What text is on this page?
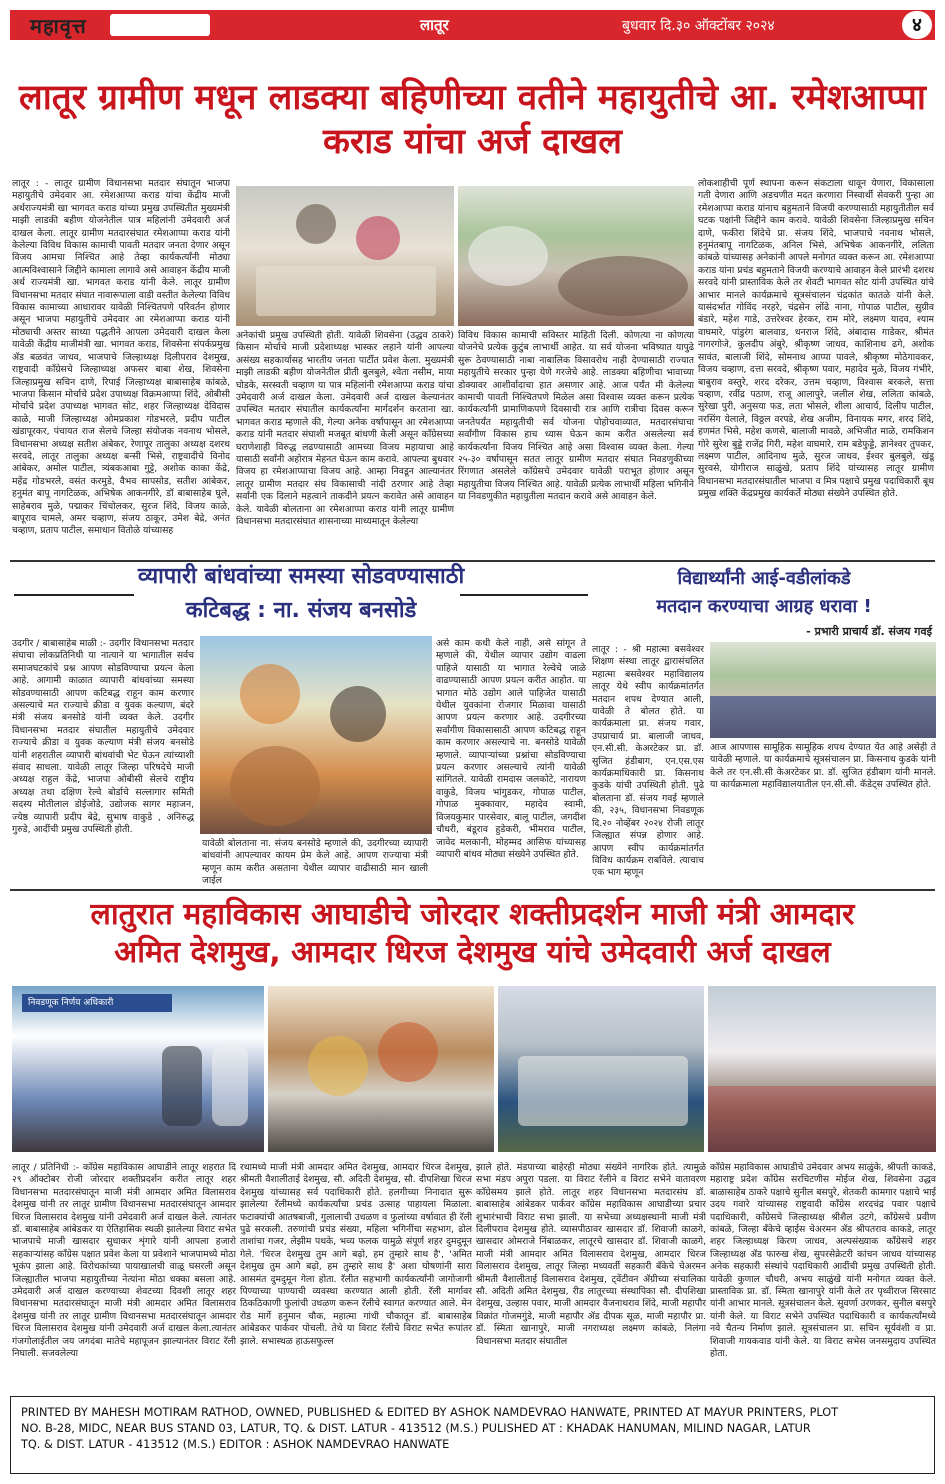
महावृत्त	लातूर	बुधवार दि.३० ऑक्टोंबर २०२४	४
लातूर ग्रामीण मधून लाडक्या बहिणीच्या वतीने महायुतीचे आ. रमेशआप्पा कराड यांचा अर्ज दाखल
लातूर : - लातूर ग्रामीण विधानसभा मतदार संघातून भाजपा महायुतीचे उमेदवार आ. रमेशआप्पा कराड यांचा केंद्रीय माजी अर्थराज्यमंत्री खा भागवत कराड यांच्या प्रमुख उपस्थितीत मुख्यमंत्री माझी लाडकी बहीण योजनेतील पात्र महिलांनी उमेदवारी अर्ज दाखल केला. लातूर ग्रामीण मतदारसंघात रमेशआप्पा कराड यांनी केलेल्या विविध विकास कामाची पावती मतदार जनता देणार असून विजय आमचा निश्चित आहे तेव्हा कार्यकर्त्यांनी मोठ्या आत्मविश्वासाने जिद्दीने कामाला लागावे असे आवाहन केंद्रीय माजी अर्थ राज्यमंत्री खा. भागवत कराड यांनी केले. लातूर ग्रामीण विधानसभा मतदार संघात नावारूपाला वाडी वस्तीत केलेल्या विविध विकास कामाच्या आधारावर यावेळी निश्चितपणे परिवर्तन होणार असून भाजपा महायुतीचे उमेदवार आ रमेशआप्पा कराड यांनी मोठ्याची अस्तर साध्या पद्धतीने आपला उमेदवारी दाखल केला यावेळी केंद्रीय माजीमंत्री खा. भागवत कराड, शिवसेना संपर्कप्रमुख ॲड बळवंत जाधव, भाजपाचे जिल्हाध्यक्ष दिलीपराव देशमुख, राष्ट्रवादी कॉंग्रेसचे जिल्हाध्यक्ष अफसर बाबा शेख, शिवसेना जिल्हाप्रमुख सचिन दाणे, रिपाई जिल्हाध्यक्ष बाबासाहेब कांबळे, भाजपा किसान मोर्चाचे प्रदेश उपाध्यक्ष विक्रमआप्पा शिंदे, ओबीसी मोर्चाचे प्रदेश उपाध्यक्ष भागवत सोट, शहर जिल्हाध्यक्ष देविदास काळे, माजी जिल्हाध्यक्ष ओमप्रकाश गोडभरले, प्रदीप पाटील खंडापूरकर, पंचायत राज सेलचे जिल्हा संयोजक नवनाथ भोसले, विधानसभा अध्यक्ष सतीश अंबेकर, रेणापूर तालुका अध्यक्ष दशरथ सरवदे, लातूर तालुका अध्यक्ष बन्सी भिसे, राष्ट्रवादीचे विनोद आंबेकर, अमोल पाटील, त्र्यंबकआबा गुट्टे, अशोक काका केंद्रे, महेंद्र गोडभरले, वसंत करमुडे, वैभव सापसोड, सतीश आंबेकर, हनुमंत बापू नागटिळक, अभिषेक आकनगीरे, डॉ बाबासाहेब घुले, साहेबराव मुळे, पद्माकर चिंचोलकर, सुरज शिंदे, विजय काळे, बापूराव चामले, अमर चव्हाण, संजय ठाकूर, उमेश बेद्रे, अनंत चव्हाण, प्रताप पाटील, समाधान वितोळे यांच्यासह
अनेकांची प्रमुख उपस्थिती होती. यावेळी शिवसेना (उद्धव ठाकरे) किसान मोर्चाचे माजी प्रदेशाध्यक्ष भास्कर लहाने यांनी आपल्या असंख्य सहकार्यासह भारतीय जनता पार्टीत प्रवेश केला. मुख्यमंत्री माझी लाडकी बहीण योजनेतील प्रीती बुलबुले, श्वेता नसीम, माया घोडके, सरस्वती चव्हाण या पात्र महिलांनी रमेशआप्पा कराड यांचा उमेदवारी अर्ज दाखल केला. उमेदवारी अर्ज दाखल केल्यानंतर उपस्थित मतदार संघातील कार्यकर्त्यांना मार्गदर्शन करताना खा. भागवत कराड म्हणाले की, गेल्या अनेक वर्षापासून आ रमेशआप्पा कराड यांनी मतदार संघाशी मजबूत बांधणी केली असून कॉंग्रेसच्या घराणेशाही विरुद्ध लढण्यासाठी आमच्या विजय महायाचा आहे यासाठी सर्वांनी अहोरात्र मेहनत घेऊन काम करावे. आपल्या बुधवार विजय हा रमेशआप्पाचा विजय आहे. आम्हा निवडून आल्यानंतर लातूर ग्रामीण मतदार संघ विकासाची नांदी ठरणार आहे तेव्हा सर्वांनी एक दिलाने महत्वाने ताकदीने प्रयत्न करावेत असे आवाहन केले. यावेळी बोलताना आ रमेशआप्पा कराड यांनी लातूर ग्रामीण विधानसभा मतदारसंघात शासनाच्या माध्यमातून केलेल्या
विविध विकास कामाची सविस्तर माहिती दिली. कोणत्या ना कोणत्या योजनेचे प्रत्येक कुटुंब लाभार्थी आहेत. या सर्व योजना भविष्यात यापुढे सुरू ठेवण्यासाठी नाबा नाबालिक विसावरोध नाही देण्यासाठी राज्यात महायुतीचे सरकार पुन्हा येणे गरजेचे आहे. लाडक्या बहिणीचा भावाच्या डोक्यावर आशीर्वादाचा हात असणार आहे. आज पर्यंत मी केलेल्या कामाची पावती निश्चितपणे मिळेल असा विश्वास व्यक्त करून प्रत्येक कार्यकर्त्यांनी प्रामाणिकपणे दिवसाची रात्र आणि रात्रीचा दिवस करून जनतेपर्यंत महायुतीची सर्व योजना पोहोचवाव्यात, मतदारसंघाचा सर्वांगीण विकास हाच ध्यास घेऊन काम करीत असलेल्या सर्व कार्यकर्त्यांना विजय निश्चित आहे असा विश्वास व्यक्त केला. गेल्या २५-३० वर्षापासून सतत लातूर ग्रामीण मतदार संघात निवडणुकीच्या रिंगणात असलेले काँग्रेसचे उमेदवार यावेळी पराभूत होणार असून महायुतीचा विजय निश्चित आहे. यावेळी प्रत्येक लाभार्थी महिला भगिनीने या निवडणुकीत महायुतीला मतदान करावे असे आवाहन केले.
लोकशाहीची पूर्ण स्थापना करून संकटाला धावून येणारा, विकासाला गती देणारा आणि अडचणीत मदत करणारा निस्वार्थी सेवकरी पुन्हा आ रमेशआप्पा कराड यांनाच बहुमताने विजयी करण्यासाठी महायुतीतील सर्व घटक पक्षांनी जिद्दीने काम करावे. यावेळी शिवसेना जिल्हाप्रमुख सचिन दाणे, फकीरा शिंदेचे प्रा. संजय शिंदे, भाजपाचे नवनाथ भोसले, हनुमंतबापू नागटिळक, अनिल भिसे, अभिषेक आकनगीरे, ललिता कांबळे यांच्यासह अनेकांनी आपले मनोगत व्यक्त करून आ. रमेशआप्पा कराड यांना प्रचंड बहुमताने विजयी करण्याचे आवाहन केले प्रारंभी दशरथ सरवदे यांनी प्रास्ताविक केले तर शेवटी भागवत सोट यांनी उपस्थित यांचे आभार मानले कार्यक्रमाचे सूत्रसंचालन चंद्रकांत कातळे यांनी केले. यासंदर्भात गोविंद नरहरे, चंद्रसेन लोंढे नाना, गोपाळ पाटील, सुग्रीव बंडारे, महेश गाडे, उत्तरेश्वर हेरकर, राम मोरे, लक्ष्मण यादव, श्याम वाघमारे, पांडुरंग बालवाड, धनराज शिंदे, अंबादास गाडेकर, श्रीमंत नागरगोजे, कुलदीप अंबुरे, श्रीकृष्ण जाधव, काशिनाथ ढगे, अशोक सावंत, बालाजी शिंदे, सोमनाथ आप्पा पावले, श्रीकृष्ण मोठेगावकर, विजय चव्हाण, दत्ता सरवदे, श्रीकृष्ण पवार, महादेव मुळे, विजय गंभीरे, बाबुराव वस्तुरे, शरद दरेकर, उत्तम चव्हाण, विश्वास बरकले, सत्ता चव्हाण, रवींद्र पठाण, राजू आलापुरे, जलील शेख, ललिता कांबळे, सुरेखा पुरी, अनुसया फड, लता भोसले, शीला आचार्य, दिलीप पाटील, नरसिंग येलाले, विठ्ठल वरपडे, शेख अजीम, विनायक मगर, शरद शिंदे, हणमंत भिसे, महेश कणसे, बालाजी मावळे, अभिजीत माळे, रामकिशन गोरे सुरेश बुड्डे राजेंद्र गिरी, महेश वाघमारे, राम बडेफुड्डे, ज्ञानेश्वर तुपकर, लक्ष्मण पाटील, आदिनाथ मुळे, सुरज जाधव, ईश्वर बुलबुले, खंडू सुरवसे, योगीराज साळुंखे, प्रताप शिंदे यांच्यासह लातूर ग्रामीण विधानसभा मतदारसंघातील भाजपा व मित्र पक्षाचे प्रमुख पदाधिकारी बूथ प्रमुख शक्ति केंद्रप्रमुख कार्यकर्ते मोठ्या संख्येने उपस्थित होते.
व्यापारी बांधवांच्या समस्या सोडवण्यासाठी
कटिबद्ध : ना. संजय बनसोडे
उदगीर / बाबासाहेब माळी :- उदगीर विधानसभा मतदार संघाचा लोकप्रतिनिधी या नात्याने या भागातील सर्वच समाजघटकांचे प्रश्न आपण सोडविण्याचा प्रयत्न केला आहे. आगामी काळात व्यापारी बांधवांच्या समस्या सोडवण्यासाठी आपण कटिबद्ध राहून काम करणार असल्याचे मत राज्याचे क्रीडा व युवक कल्याण, बंदरे मंत्री संजय बनसोडे यांनी व्यक्त केले. उदगीर विधानसभा मतदार संघातील महायुतीचे उमेदवार राज्याचे क्रीडा व युवक कल्याण मंत्री संजय बनसोडे यांनी शहरातील व्यापारी बांधवांची भेट घेऊन त्यांच्याशी संवाद साधला. यावेळी लातूर जिल्हा परिषदेचे माजी अध्यक्ष राहुल केंद्रे, भाजपा ओबीसी सेलचे राष्ट्रीय अध्यक्ष तथा दक्षिण रेल्वे बोर्डाचे सल्लागार समिती सदस्य मोतीलाल डोईजोडे, उद्योजक सागर महाजन, ज्येष्ठ व्यापारी प्रदीप बेद्रे, सुभाष वाकुडे , अनिरुद्ध गुरुडे, आदींची प्रमुख उपस्थिती होती.
यावेळी बोलताना ना. संजय बनसोडे म्हणाले की, उदगीरच्या व्यापारी बांधवांनी आपल्यावर कायम प्रेम केले आहे. आपण राज्याचा मंत्री म्हणून काम करीत असताना येथील व्यापार वाढीसाठी मान खाली जाईल
असे काम कधी केले नाही, असे सांगून ते म्हणाले की, येथील व्यापार उद्योग वाढला पाहिजे यासाठी या भागात रेल्वेचे जाळे वाढण्यासाठी आपण प्रयत्न करीत आहोत. या भागात मोठे उद्योग आले पाहिजेत यासाठी येथील युवकांना रोजगार मिळावा यासाठी आपण प्रयत्न करणार आहे. उदगीरच्या सर्वांगीण विकासासाठी आपण कटिबद्ध राहून काम करणार असल्याचे ना. बनसोडे यावेळी म्हणाले. व्यापाऱ्यांच्या प्रश्नांचा सोडविण्याचा प्रयत्न करणार असल्याचे त्यांनी यावेळी सांगितले. यावेळी रामदास जलकोटे, नारायण वाकुडे, विजय भांगुडकर, गोपाळ पाटील, गोपाळ मुक्कावार, महादेव स्वामी, विजयकुमार पारसेवार, बालू पाटील, जगदीश चौधरी, बंडूराव हुडेकरी, भीमराव पाटील, जावेद मलकानी, मोहम्मद आसिफ यांच्यासह व्यापारी बांधव मोठ्या संख्येने उपस्थित होते.
विद्यार्थ्यांनी आई-वडीलांकडे
मतदान करण्याचा आग्रह धरावा !
- प्रभारी प्राचार्य डॉ. संजय गवई
लातूर : - श्री महात्मा बसवेश्वर शिक्षण संस्था लातूर द्वारासंचलित महात्मा बसवेश्वर महाविद्यालय लातूर येथे स्वीप कार्यक्रमांतर्गत मतदान शपथ देण्यात आली, यावेळी ते बोलत होते. या कार्यक्रमाला प्रा. संजय गवार, उपप्राचार्य प्रा. बालाजी जाधव, एन.सी.सी. केअरटेकर प्रा. डॉ. सुजित हंडीबाग, एन.एस.एस कार्यक्रमाधिकारी प्रा. किसनाथ कुडके यांची उपस्थिती होती. पुढे बोलताना डॉ. संजय गवई म्हणाले की, २३५, विधानसभा निवडणूक दि.२० नोव्हेंबर २०२४ रोजी लातूर जिल्ह्यात संपन्न होणार आहे. आपण स्वीप कार्यक्रमांतर्गत विविध कार्यक्रम राबविले. त्याचाच एक भाग म्हणून
आज आपणास सामूहिक सामूहिक शपथ देण्यात येत आहे असेही ते यावेळी म्हणाले. या कार्यक्रमाचे सूत्रसंचालन प्रा. किसनाथ कुडके यांनी केले तर एन.सी.सी केअरटेकर प्रा. डॉ. सुजित हंडीबाग यांनी मानले. या कार्यक्रमाला महाविद्यालयातील एन.सी.सी. कॅडेट्स उपस्थित होते.
लातुरात महाविकास आघाडीचे जोरदार शक्तीप्रदर्शन माजी मंत्री आमदार
अमित देशमुख, आमदार धिरज देशमुख यांचे उमेदवारी अर्ज दाखल
निवडणूक निर्णय अधिकारी
लातूर / प्रतिनिधी :- कॉंग्रेस महाविकास आघाडीने लातूर शहरात दि २९ ऑक्टोबर रोजी जोरदार शक्तीप्रदर्शन करीत लातूर शहर विधानसभा मतदारसंघातून माजी मंत्री आमदार अमित विलासराव देशमुख यांनी तर लातूर ग्रामीण विधानसभा मतदारसंघातून आमदार धिरज विलासराव देशमुख यांनी उमेदवारी अर्ज दाखल केले. त्यानंतर डॉ. बाबासाहेब आंबेडकर या ऐतिहासिक स्थळी झालेल्या विराट सभेत भाजपाचे माजी खासदार सुधाकर शृंगारे यांनी आपला हजारो सहकाऱ्यांसह कॉंग्रेस पक्षात प्रवेश केला या प्रवेशाने भाजपामध्ये मोठा भूकंप झाला आहे. विरोधकांच्या पायाखालची वाळू घसरली असून जिल्ह्यातील भाजपा महायुतीच्या नेत्यांना मोठा धक्का बसला आहे. उमेदवारी अर्ज दाखल करण्याच्या शेवटच्या दिवशी लातूर शहर विधानसभा मतदारसंघातून माजी मंत्री आमदार अमित विलासराव देशमुख यांनी तर लातूर ग्रामीण विधानसभा मतदारसंघातून आमदार धिरज विलासराव देशमुख यांनी उमेदवारी अर्ज दाखल केला.त्यानंतर गंजगोलाईतील जय जगदंबा मातेचे महापूजन झाल्यानंतर विराट रॅली निघाली. सजवलेल्या
रथामध्ये माजी मंत्री आमदार अमित देशमुख, आमदार धिरज देशमुख, श्रीमती वैशालीताई देशमुख, सौ. अदिती देशमुख, सौ. दीपशिखा धिरज देशमुख यांच्यासह सर्व पदाधिकारी होते. हलगीच्या निनादात सुरू झालेल्या रॅलीमध्ये कार्यकर्त्यांचा प्रचंड उत्साह पाहायला मिळाला. फटाक्यांची आतषबाजी, गुलालाची उधळण व फुलांच्या वर्षावात ही रॅली पुढे सरकली. तरुणांची प्रचंड संख्या, महिला भगिनींचा सहभाग, ढोल ताशांचा गजर, लेझीम पथके, भव्य फलक यामुळे संपूर्ण शहर दुमदुमून गेले. 'धिरज देशमुख तुम आगे बढ़ो, हम तुम्हारे साथ है', 'अमित देशमुख तुम आगे बढ़ो, हम तुम्हारे साथ है' अशा घोषणांनी सारा आसमंत दुमदुमून गेला होता. रॅलीत सहभागी कार्यकर्त्यांनी जागोजागी पिण्याच्या पाण्याची व्यवस्था करण्यात आली होती. रॅली मार्गावर ठिकठिकाणी फुलांची उधळण करून रॅलीचे स्वागत करण्यात आले. मेन रोड मार्गे हनुमान चौक, महात्मा गांधी चौकातून डॉ. बाबासाहेब आंबेडकर पार्कवर पोचली. तेथे या विराट रॅलीचे विराट सभेत रूपांतर झाले. सभास्थळ हाऊसफुल्ल
झाले होते. मंडपाच्या बाहेरही मोठ्या संख्येने नागरिक होते. त्यामुळे सभा मंडप अपुरा पडला. या विराट रॅलीने व विराट सभेने वातावरण कॉंग्रेसमय झाले होते. लातूर शहर विधानसभा मतदारसंघ डॉ. बाबासाहेब आंबेडकर पार्कवर कॉंग्रेस महाविकास आघाडीच्या प्रचार शुभारंभाची विराट सभा झाली. या सभेच्या अध्यक्षस्थानी माजी मंत्री दिलीपराव देशमुख होते. व्यासपीठावर खासदार डॉ. शिवाजी काळगे, खासदार ओमराजे निंबाळकर, लातूरचे खासदार डॉ. शिवाजी काळगे, माजी मंत्री आमदार अमित विलासराव देशमुख, आमदार धिरज विलासराव देशमुख, लातूर जिल्हा मध्यवर्ती सहकारी बँकेचे चेअरमन श्रीमती वैशालीताई विलासराव देशमुख, ट्वेंटीवन ॲग्रीच्या संचालिका सौ. अदिती अमित देशमुख, रीड लातूरच्या संस्थापिका सौ. दीपशिखा देशमुख, उल्हास पवार, माजी आमदार वैजनाथराव शिंदे, माजी महापौर विक्रांत गोजमगुंडे, माजी महापौर ॲड दीपक सूळ, माजी महापौर प्रा. डॉ. स्मिता खानापुरे, माजी नगराध्यक्ष लक्ष्मण कांबळे, निलंगा विधानसभा मतदार संघातील
कॉंग्रेस महाविकास आघाडीचे उमेदवार अभय साळुंके, श्रीपती काकडे, महाराष्ट्र प्रदेश कॉंग्रेस सरचिटणीस मोईज शेख, शिवसेना उद्धव बाळासाहेब ठाकरे पक्षाचे सुनील बसपुरे, शेतकरी कामगार पक्षाचे भाई उदय गवारे यांच्यासह राष्ट्रवादी कॉंग्रेस शरदचंद्र पवार पक्षाचे पदाधिकारी, कॉंग्रेसचे जिल्हाध्यक्ष श्रीशैल उटगे, कॉंग्रेसचे प्रवीण कांबळे, जिल्हा बँकेचे व्हाईस चेअरमन ॲड श्रीपतराव काकडे, लातूर शहर जिल्हाध्यक्ष किरण जाधव, अल्पसंख्याक काँग्रेसचे शहर जिल्हाध्यक्ष ॲड फारुख शेख, सुपरसेक्रेटरी कांचन जाधव यांच्यासह अनेक सहकारी संस्थांचे पदाधिकारी आदींची प्रमुख उपस्थिती होती. यावेळी कुणाल चौधरी, अभय साळुंखे यांनी मनोगत व्यक्त केले. प्रास्ताविक प्रा. डॉ. स्मिता खानापुरे यांनी केले तर पृथ्वीराज सिरसाट यांनी आभार मानले. सूत्रसंचालन केले. सुवर्णा उरणकर, सुनील बसपुरे यांनी केले. या विराट सभेने उपस्थित पदाधिकारी व कार्यकर्त्यांमध्ये नवे चैतन्य निर्माण झाले. सूत्रसंचालन प्रा. सचिन सूर्यवंशी व प्रा. शिवाजी गायकवाड यांनी केले. या विराट सभेस जनसमुदाय उपस्थित होता.
PRINTED BY MAHESH MOTIRAM RATHOD, OWNED, PUBLISHED & EDITED BY ASHOK NAMDEVRAO HANWATE, PRINTED AT MAYUR PRINTERS, PLOT
NO. B-28, MIDC, NEAR BUS STAND 03, LATUR, TQ. & DIST. LATUR - 413512 (M.S.) PULISHED AT : KHADAK HANUMAN, MILIND NAGAR, LATUR
TQ. & DIST. LATUR - 413512 (M.S.) EDITOR : ASHOK NAMDEVRAO HANWATE
